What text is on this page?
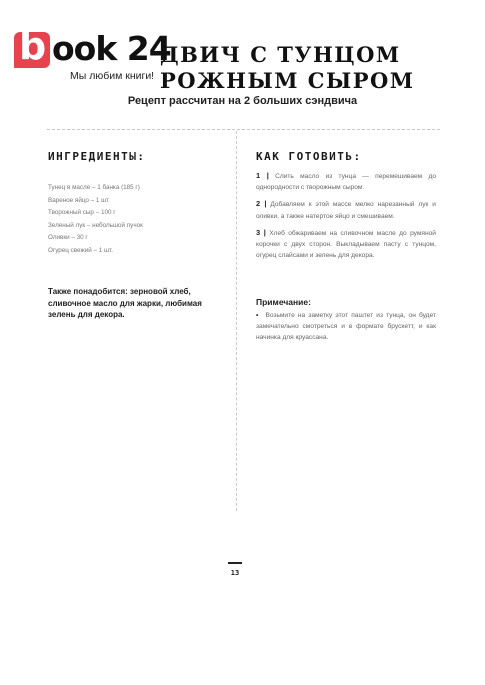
b ook 24
Мы любим книги!
ДВИЧ С ТУНЦОМ
РОЖНЫМ СЫРОМ
Рецепт рассчитан на 2 больших сэндвича
ИНГРЕДИЕНТЫ:
Тунец в масле – 1 банка (185 г)
Вареное яйцо – 1 шт
Творожный сыр – 100 г
Зеленый лук – небольшой пучок
Оливки – 30 г
Огурец свежий – 1 шт.
Также понадобится: зерновой хлеб, сливочное масло для жарки, любимая зелень для декора.
КАК ГОТОВИТЬ:
1 | Слить масло из тунца — перемешиваем до однородности с творожным сыром.
2 | Добавляем к этой массе мелко нарезанный лук и оливки, а также натертое яйцо и смешиваем.
3 | Хлеб обжариваем на сливочном масле до румяной корочки с двух сторон. Выкладываем пасту с тунцом, огурец слайсами и зелень для декора.
Примечание:
• Возьмите на заметку этот паштет из тунца, он будет замечательно смотреться и в формате брускетт, и как начинка для круассана.
13
